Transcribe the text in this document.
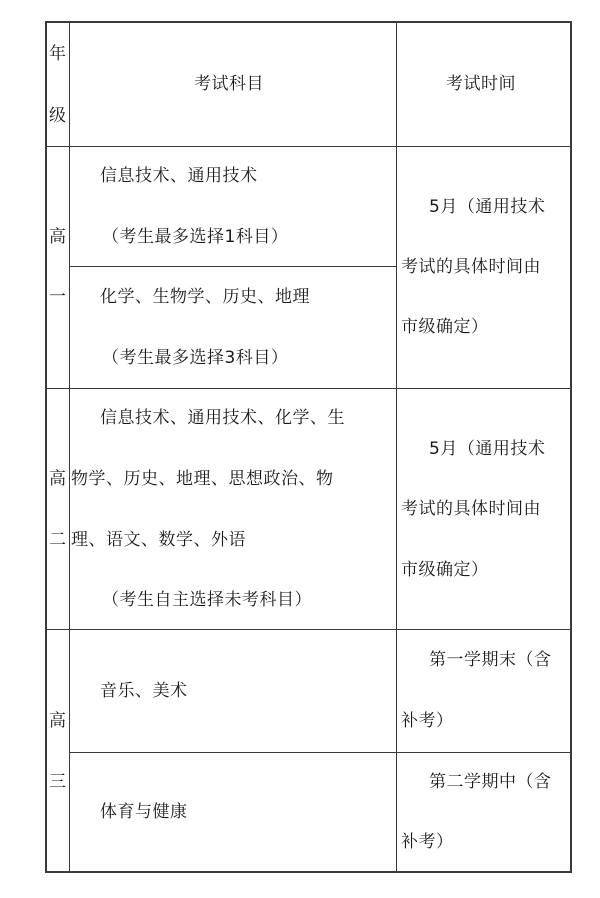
年
级
考试科目	考试时间
高
一
信息技术、通用技术
（考生最多选择1科目）
化学、生物学、历史、地理
（考生最多选择3科目）
5月（通用技术
考试的具体时间由
市级确定）
高
二
信息技术、通用技术、化学、生
物学、历史、地理、思想政治、物
理、语文、数学、外语
（考生自主选择未考科目）
5月（通用技术
考试的具体时间由
市级确定）
高
三
音乐、美术
第一学期末（含
补考）
体育与健康
第二学期中（含
补考）
